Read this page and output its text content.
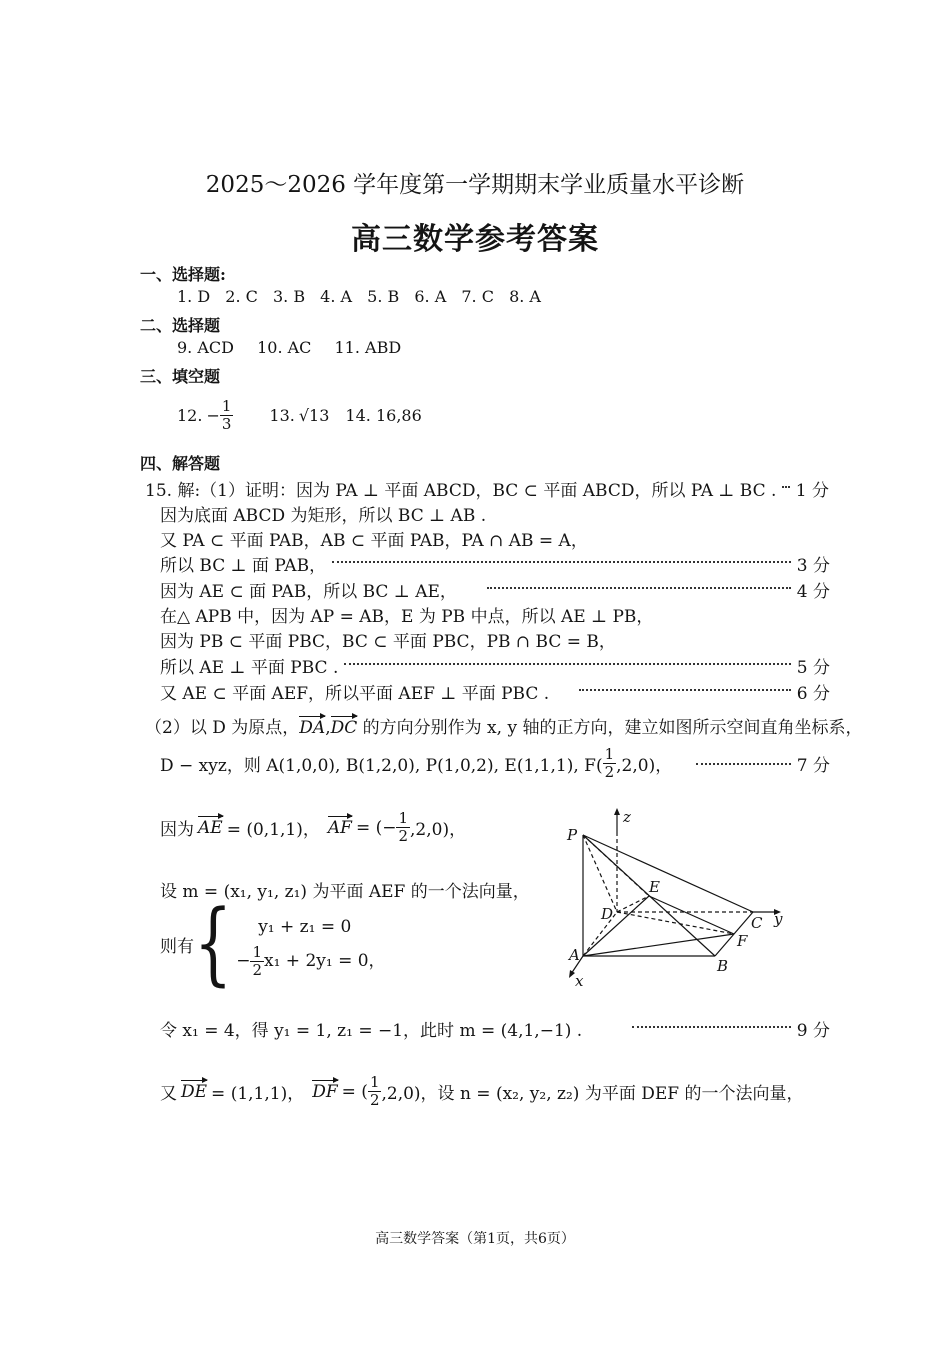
2025～2026 学年度第一学期期末学业质量水平诊断
高三数学参考答案
一、选择题:
1. D 2. C 3. B 4. A 5. B 6. A 7. C 8. A
二、选择题
9. ACD 10. AC 11. ABD
三、填空题
12. − $\frac{1}{3} 13$. √13 14. 16,86
四、解答题
15. 解:（1）证明：因为 PA ⊥ 平面 ABCD，BC ⊂ 平面 ABCD，所以 PA ⊥ BC . 1 分
因为底面 ABCD 为矩形，所以 BC ⊥ AB .
又 PA ⊂ 平面 PAB，AB ⊂ 平面 PAB，PA ∩ AB = A，
所以 BC ⊥ 面 PAB，	3 分
因为 AE ⊂ 面 PAB，所以 BC ⊥ AE，	4 分
在△ APB 中，因为 AP = AB，E 为 PB 中点，所以 AE ⊥ PB，
因为 PB ⊂ 平面 PBC，BC ⊂ 平面 PBC，PB ∩ BC = B，
所以 AE ⊥ 平面 PBC .	5 分
又 AE ⊂ 平面 AEF，所以平面 AEF ⊥ 平面 PBC .	6 分
（2）以 D 为原点，DA,DC 的方向分别作为 x, y 轴的正方向，建立如图所示空间直角坐标系，
D − xyz，则 A(1,0,0), B(1,2,0), P(1,0,2), E(1,1,1), $F( \frac{1}{2} ,2,0)$，	7 分
因为 AE = (0,1,1)， AF = (− $\frac{1}{2} ,2,0$)，
设 m = (x₁, y₁, z₁) 为平面 AEF 的一个法向量，
则有 {	y₁ + z₁ = 0
− $\frac{1}{2} x_1 + 2y_1 = 0$ ，
令 x₁ = 4，得 y₁ = 1, z₁ = −1，此时 m = (4,1,−1) .	9 分
又 DE = (1,1,1)， DF = ( $\frac{1}{2} ,2,0$)，设 n = (x₂, y₂, z₂) 为平面 DEF 的一个法向量，
P
z
E
D	C y
F
A
B
x
高三数学答案（第1页，共6页）
